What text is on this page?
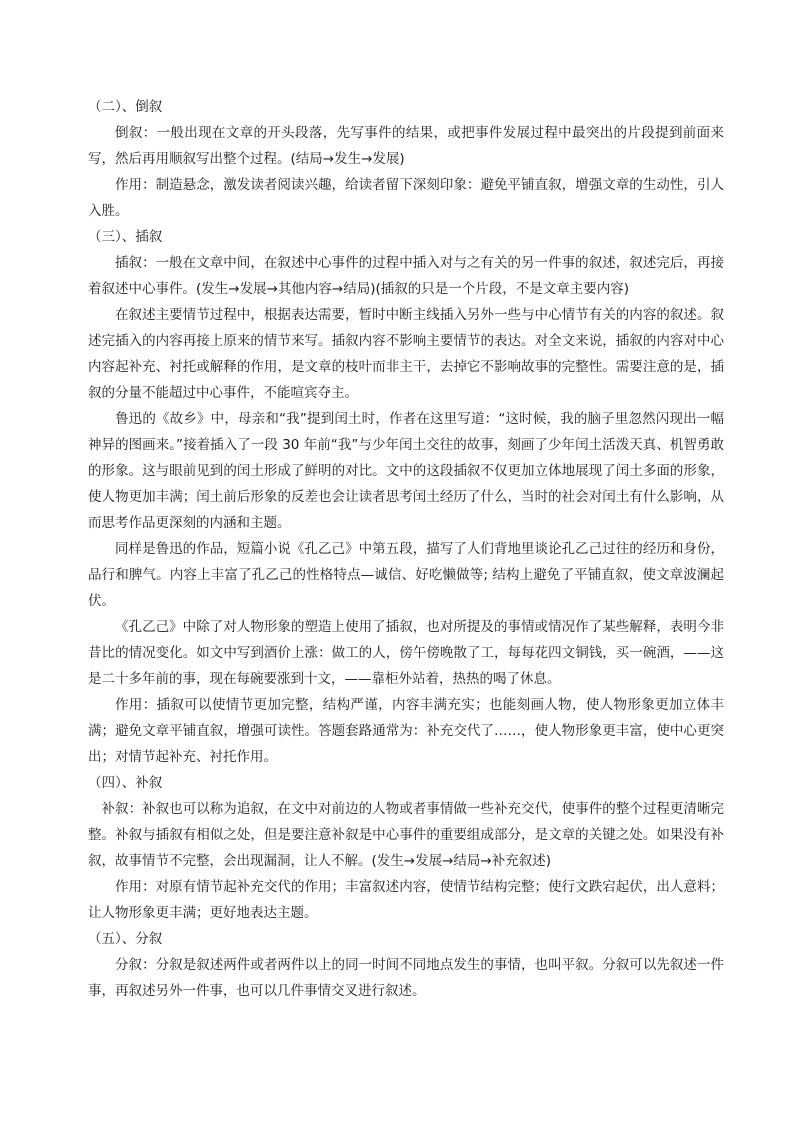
（二）、倒叙

倒叙：一般出现在文章的开头段落，先写事件的结果，或把事件发展过程中最突出的片段提到前面来写，然后再用顺叙写出整个过程。(结局→发生→发展)

作用：制造悬念，激发读者阅读兴趣，给读者留下深刻印象：避免平铺直叙，增强文章的生动性，引人入胜。

（三）、插叙

插叙：一般在文章中间，在叙述中心事件的过程中插入对与之有关的另一件事的叙述，叙述完后，再接着叙述中心事件。(发生→发展→其他内容→结局)(插叙的只是一个片段，不是文章主要内容)

在叙述主要情节过程中，根据表达需要，暂时中断主线插入另外一些与中心情节有关的内容的叙述。叙述完插入的内容再接上原来的情节来写。插叙内容不影响主要情节的表达。对全文来说，插叙的内容对中心内容起补充、衬托或解释的作用，是文章的枝叶而非主干，去掉它不影响故事的完整性。需要注意的是，插叙的分量不能超过中心事件，不能喧宾夺主。

鲁迅的《故乡》中，母亲和“我”提到闰土时，作者在这里写道：“这时候，我的脑子里忽然闪现出一幅神异的图画来。”接着插入了一段 30 年前“我”与少年闰土交往的故事，刻画了少年闰土活泼天真、机智勇敢的形象。这与眼前见到的闰土形成了鲜明的对比。文中的这段插叙不仅更加立体地展现了闰土多面的形象，使人物更加丰满；闰土前后形象的反差也会让读者思考闰土经历了什么，当时的社会对闰土有什么影响，从而思考作品更深刻的内涵和主题。

同样是鲁迅的作品，短篇小说《孔乙己》中第五段，描写了人们背地里谈论孔乙己过往的经历和身份，品行和脾气。内容上丰富了孔乙己的性格特点—诚信、好吃懒做等; 结构上避免了平铺直叙，使文章波澜起伏。

《孔乙己》中除了对人物形象的塑造上使用了插叙，也对所提及的事情或情况作了某些解释，表明今非昔比的情况变化。如文中写到酒价上涨：做工的人，傍午傍晚散了工，每每花四文铜钱，买一碗酒，——这是二十多年前的事，现在每碗要涨到十文，——靠柜外站着，热热的喝了休息。

作用：插叙可以使情节更加完整，结构严谨，内容丰满充实；也能刻画人物，使人物形象更加立体丰满；避免文章平铺直叙，增强可读性。答题套路通常为：补充交代了……，使人物形象更丰富，使中心更突出；对情节起补充、衬托作用。

（四）、补叙

补叙：补叙也可以称为追叙，在文中对前边的人物或者事情做一些补充交代，使事件的整个过程更清晰完整。补叙与插叙有相似之处，但是要注意补叙是中心事件的重要组成部分，是文章的关键之处。如果没有补叙，故事情节不完整，会出现漏洞，让人不解。(发生→发展→结局→补充叙述)

作用：对原有情节起补充交代的作用；丰富叙述内容，使情节结构完整；使行文跌宕起伏，出人意料；让人物形象更丰满；更好地表达主题。

（五）、分叙

分叙：分叙是叙述两件或者两件以上的同一时间不同地点发生的事情，也叫平叙。分叙可以先叙述一件事，再叙述另外一件事，也可以几件事情交叉进行叙述。
